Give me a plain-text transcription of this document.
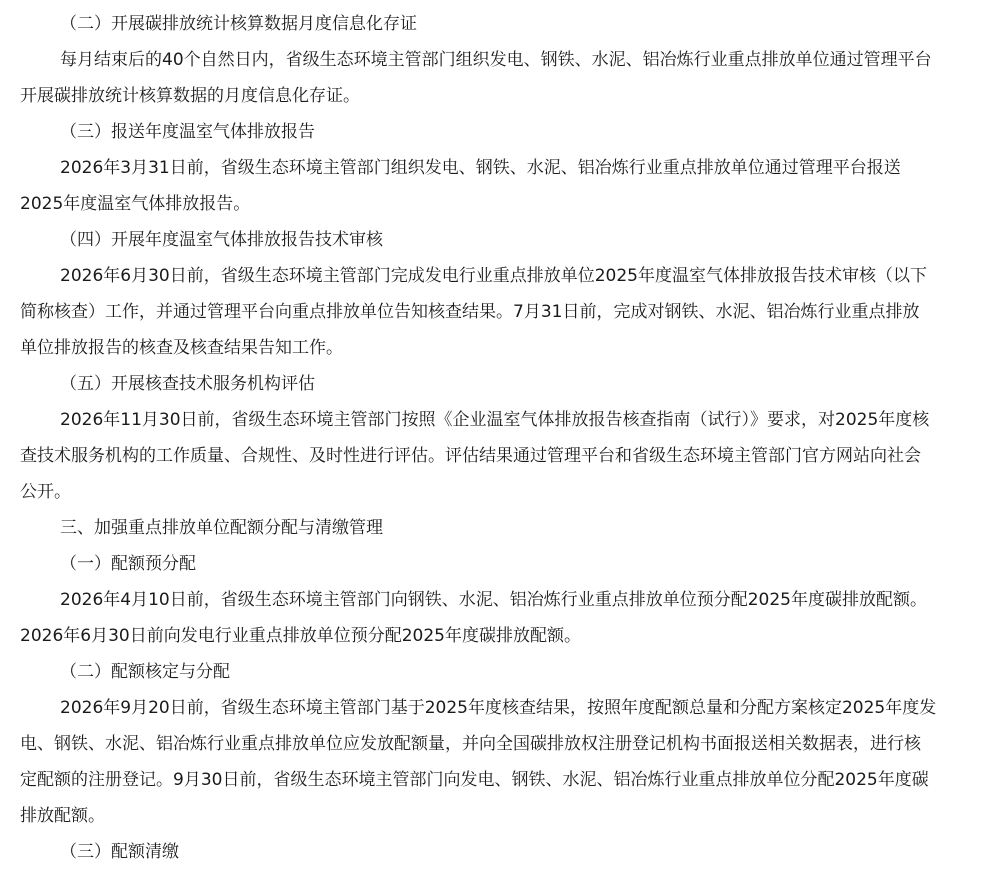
（二）开展碳排放统计核算数据月度信息化存证
每月结束后的40个自然日内，省级生态环境主管部门组织发电、钢铁、水泥、铝冶炼行业重点排放单位通过管理平台
开展碳排放统计核算数据的月度信息化存证。
（三）报送年度温室气体排放报告
2026年3月31日前，省级生态环境主管部门组织发电、钢铁、水泥、铝冶炼行业重点排放单位通过管理平台报送
2025年度温室气体排放报告。
（四）开展年度温室气体排放报告技术审核
2026年6月30日前，省级生态环境主管部门完成发电行业重点排放单位2025年度温室气体排放报告技术审核（以下
简称核查）工作，并通过管理平台向重点排放单位告知核查结果。7月31日前，完成对钢铁、水泥、铝冶炼行业重点排放
单位排放报告的核查及核查结果告知工作。
（五）开展核查技术服务机构评估
2026年11月30日前，省级生态环境主管部门按照《企业温室气体排放报告核查指南（试行）》要求，对2025年度核
查技术服务机构的工作质量、合规性、及时性进行评估。评估结果通过管理平台和省级生态环境主管部门官方网站向社会
公开。
三、加强重点排放单位配额分配与清缴管理
（一）配额预分配
2026年4月10日前，省级生态环境主管部门向钢铁、水泥、铝冶炼行业重点排放单位预分配2025年度碳排放配额。
2026年6月30日前向发电行业重点排放单位预分配2025年度碳排放配额。
（二）配额核定与分配
2026年9月20日前，省级生态环境主管部门基于2025年度核查结果，按照年度配额总量和分配方案核定2025年度发
电、钢铁、水泥、铝冶炼行业重点排放单位应发放配额量，并向全国碳排放权注册登记机构书面报送相关数据表，进行核
定配额的注册登记。9月30日前，省级生态环境主管部门向发电、钢铁、水泥、铝冶炼行业重点排放单位分配2025年度碳
排放配额。
（三）配额清缴
